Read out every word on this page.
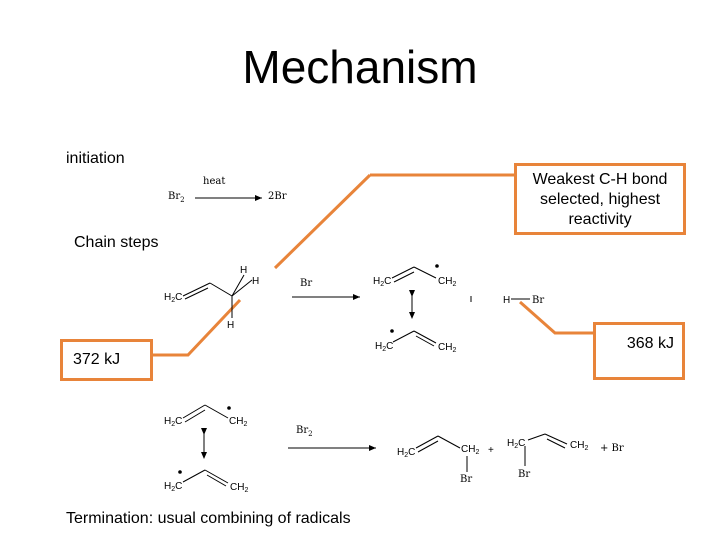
Mechanism
initiation
Chain steps
Termination: usual combining of radicals
$Br_2$
heat
2Br
H
H
H
$H_2C$
Br	$H_2C$	$CH_2$
H Br
$H_2C$	$CH_2$
$H_2C$	$CH_2$
$H_2C$	$CH_2$
$Br_2$
$H_2C$	$CH_2$
Br
+
$H_2C$
Br
$CH_2 + Br$
Weakest C-H bond selected, highest reactivity
368 kJ
372 kJ
